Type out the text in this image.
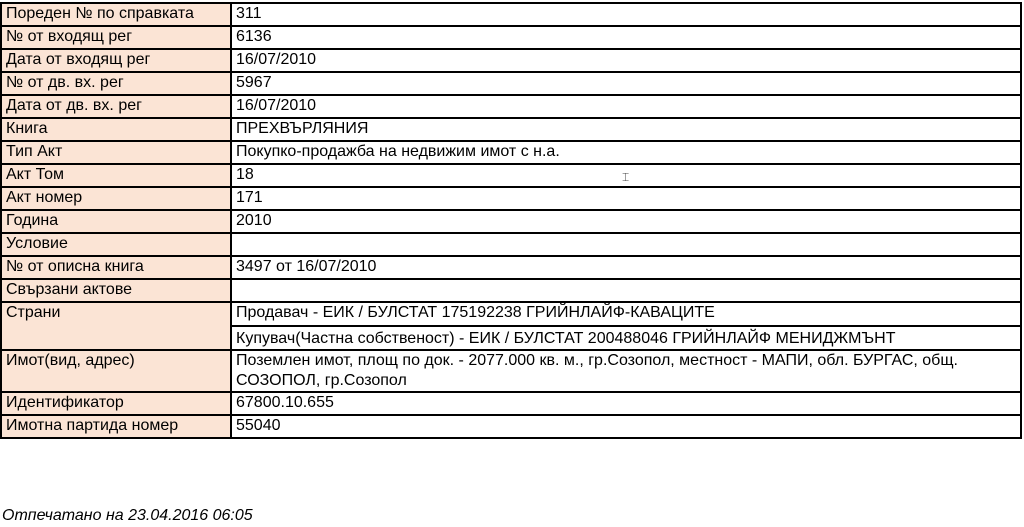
Пореден № по справката	311
№ от входящ рег	6136
Дата от входящ рег	16/07/2010
№ от дв. вх. рег	5967
Дата от дв. вх. рег	16/07/2010
Книга	ПРЕХВЪРЛЯНИЯ
Тип Акт	Покупко-продажба на недвижим имот с н.а.
Акт Том	18
Акт номер	171
Година	2010
Условие	
№ от описна книга	3497 от 16/07/2010
Свързани актове	
Страни	Продавач - ЕИК / БУЛСТАТ 175192238 ГРИЙНЛАЙФ-КАВАЦИТЕ
Купувач(Частна собственост) - ЕИК / БУЛСТАТ 200488046 ГРИЙНЛАЙФ МЕНИДЖМЪНТ

Имот(вид, адрес)	Поземлен имот, площ по док. - 2077.000 кв. м., гр.Созопол, местност - МАПИ, обл. БУРГАС, общ. СОЗОПОЛ, гр.Созопол
Идентификатор	67800.10.655
Имотна партида номер	55040
⌶
Отпечатано на 23.04.2016 06:05
